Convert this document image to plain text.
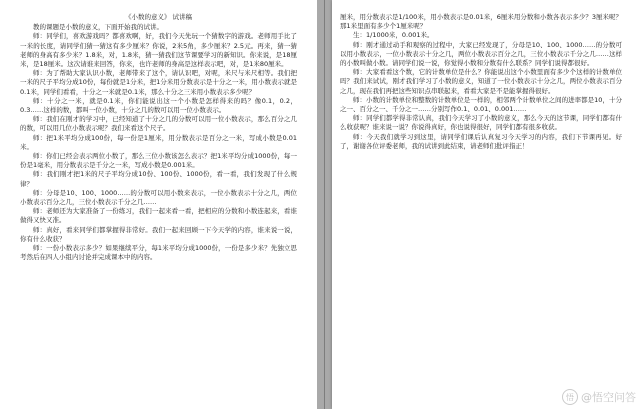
《小数的意义》 试讲稿

教的课题是小数的意义，下面开始我的试讲。

师：同学们，喜欢游戏吗？都喜欢啊，好，我们今天先玩一个猜数字的游戏。老师用手比了一米的长度，请同学们猜一猜这有多少厘米？你说，2米5角，多少厘米？2.5元。再来，猜一猜老师的身高有多少米？1.8米，对，1.8米，猜一猜我们这节课要学习的新知识。你来说，是18厘米，是18厘米。这次请谁来回答，你来，也许老师的身高是这样表示吧，对，是1米80厘米。

师：为了帮助大家认识小数，老师带来了这个，请认识吧，对呢，米尺与米尺相等。我们把一米的尺子平均分成10份，每份就是1分米，把1分米用分数表示是十分之一米，用小数表示就是0.1米，同学们看看，十分之一米就是0.1米，那么十分之三米用小数表示多少呢？

师：十分之一米，就是0.1米，你们能说出这一个小数是怎样得来的吗？像0.1，0.2，0.3……这样的数，都叫一位小数，十分之几的数可以用一位小数表示。

师：我们在刚才的学习中，已经知道了十分之几的分数可以用一位小数表示，那么百分之几的数，可以用几位小数表示呢？我们来看这个尺子。

师：把1米平均分成100份，每一份是1厘米，用分数表示是百分之一米，写成小数是0.01米。

师：你们已经会表示两位小数了，那么三位小数该怎么表示？把1米平均分成1000份，每一份是1毫米，用分数表示是千分之一米，写成小数是0.001米。

师：我们刚才把1米的尺子平均分成10份、100份、1000份，看一看，我们发现了什么规律？

师：分母是10、100、1000……的分数可以用小数来表示，一位小数表示十分之几，两位小数表示百分之几，三位小数表示千分之几……

师：老师还为大家准备了一份练习，我们一起来看一看，把相应的分数和小数连起来，看谁做得又快又准。

师：真好，看来同学们都掌握得非常好。我们一起来回顾一下今天学的内容，谁来说一说，你有什么收获？

师：一份小数表示多少？如果继续平分，每1米平均分成1000份，一份是多少米？先独立思考然后在四人小组内讨论并完成课本中的内容。

厘米，用分数表示是1/100米，用小数表示是0.01米，6厘米用分数和小数各表示多少？3厘米呢？那1米里面有多少个1厘米呢？

生：1/1000米，0.001米。

师：刚才通过动手和观察的过程中，大家已经发现了，分母是10、100、1000……的分数可以用小数表示，一位小数表示十分之几，两位小数表示百分之几，三位小数表示千分之几……这样的小数叫做小数。请同学们说一说，你觉得小数和分数有什么联系？同学们说得都很好。

师：大家看看这个数，它的计数单位是什么？你能说出这个小数里面有多少个这样的计数单位吗？我们来试试，刚才我们学习了小数的意义，知道了一位小数表示十分之几，两位小数表示百分之几，现在我们再把这些知识点串联起来，看看大家是不是能掌握得很好。

师：小数的计数单位和整数的计数单位是一样的，相邻两个计数单位之间的进率都是10，十分之一、百分之一、千分之一……分别写作0.1、0.01、0.001……

师：同学们都学得非常认真，我们今天学习了小数的意义，那么今天的这节课，同学们都有什么收获呢？谁来说一说？你说得真好，你也说得很好，同学们都有很多收获。

师：今天我们就学习到这里，请同学们课后认真复习今天学习的内容，我们下节课再见。好了，谢谢各位评委老师，我的试讲到此结束，请老师们批评指正！

悟 @悟空问答
